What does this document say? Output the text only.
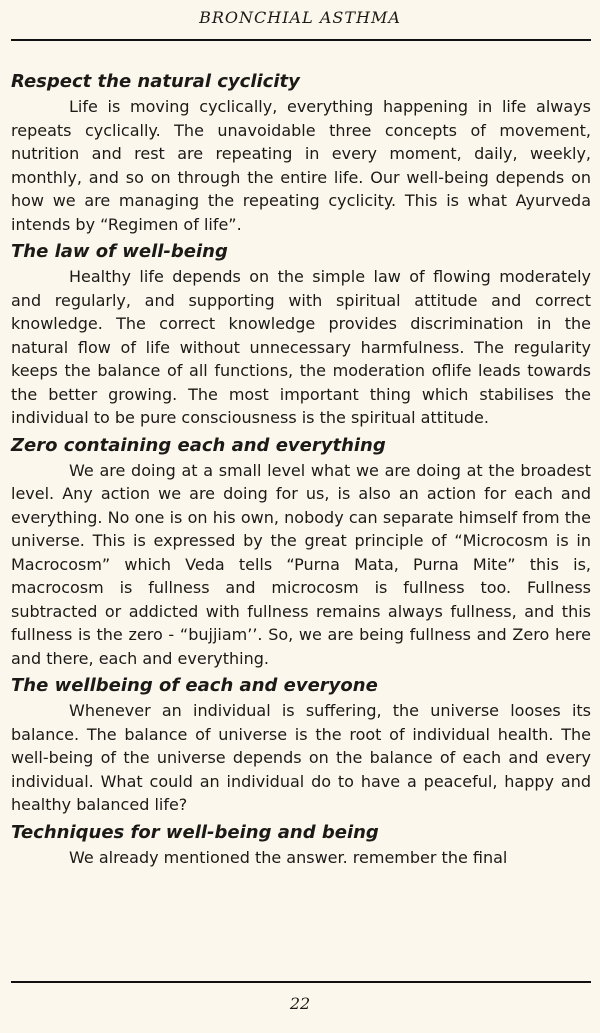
BRONCHIAL ASTHMA
Respect the natural cyclicity

Life is moving cyclically, everything happening in life always repeats cyclically. The unavoidable three concepts of movement, nutrition and rest are repeating in every moment, daily, weekly, monthly, and so on through the entire life. Our well-being depends on how we are managing the repeating cyclicity. This is what Ayurveda intends by “Regimen of life”.

The law of well-being

Healthy life depends on the simple law of flowing moderately and regularly, and supporting with spiritual attitude and correct knowledge. The correct knowledge provides discrimination in the natural flow of life without unnecessary harmfulness. The regularity keeps the balance of all functions, the moderation oflife leads towards the better growing. The most important thing which stabilises the individual to be pure consciousness is the spiritual attitude.

Zero containing each and everything

We are doing at a small level what we are doing at the broadest level. Any action we are doing for us, is also an action for each and everything. No one is on his own, nobody can separate himself from the universe. This is expressed by the great principle of “Microcosm is in Macrocosm” which Veda tells “Purna Mata, Purna Mite” this is, macrocosm is fullness and microcosm is fullness too. Fullness subtracted or addicted with fullness remains always fullness, and this fullness is the zero - “bujjiam’’. So, we are being fullness and Zero here and there, each and everything.

The wellbeing of each and everyone

Whenever an individual is suffering, the universe looses its balance. The balance of universe is the root of individual health. The well-being of the universe depends on the balance of each and every individual. What could an individual do to have a peaceful, happy and healthy balanced life?

Techniques for well-being and being

We already mentioned the answer. remember the final

22
